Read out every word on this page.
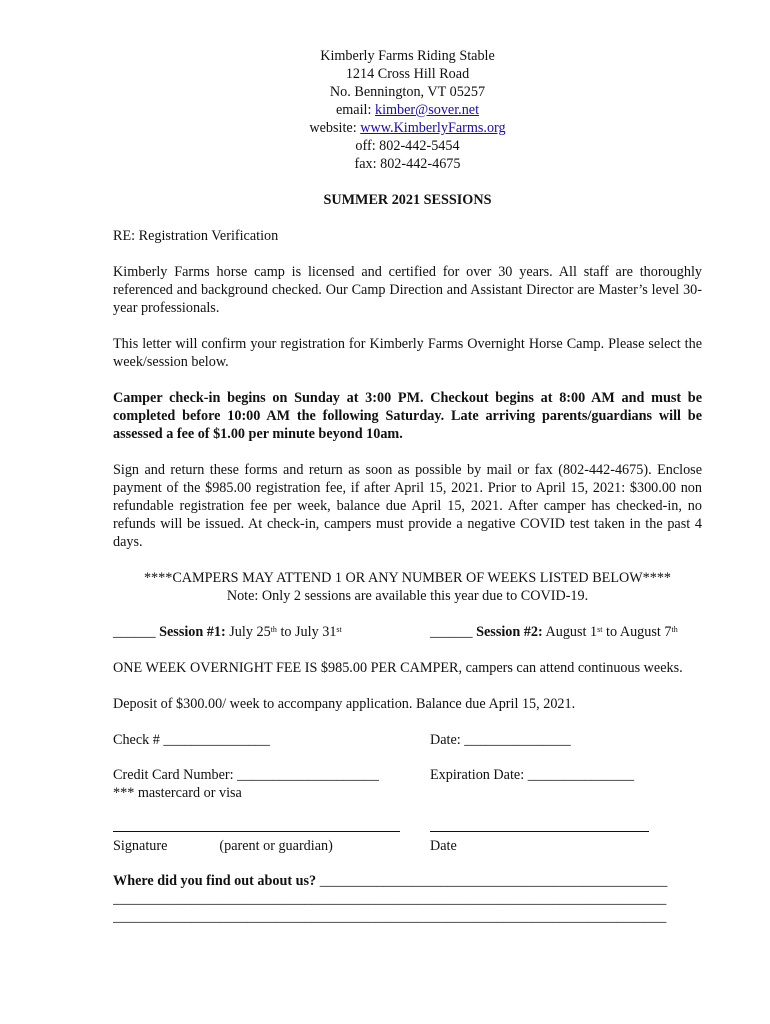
Kimberly Farms Riding Stable
1214 Cross Hill Road
No. Bennington, VT 05257
email: kimber@sover.net
website: www.KimberlyFarms.org
off: 802-442-5454
fax: 802-442-4675
SUMMER 2021 SESSIONS

RE: Registration Verification

Kimberly Farms horse camp is licensed and certified for over 30 years. All staff are thoroughly referenced and background checked. Our Camp Direction and Assistant Director are Master’s level 30-year professionals.

This letter will confirm your registration for Kimberly Farms Overnight Horse Camp. Please select the week/session below.

Camper check-in begins on Sunday at 3:00 PM. Checkout begins at 8:00 AM and must be completed before 10:00 AM the following Saturday. Late arriving parents/guardians will be assessed a fee of $1.00 per minute beyond 10am.

Sign and return these forms and return as soon as possible by mail or fax (802-442-4675). Enclose payment of the $985.00 registration fee, if after April 15, 2021. Prior to April 15, 2021: $300.00 non refundable registration fee per week, balance due April 15, 2021. After camper has checked-in, no refunds will be issued. At check-in, campers must provide a negative COVID test taken in the past 4 days.

****CAMPERS MAY ATTEND 1 OR ANY NUMBER OF WEEKS LISTED BELOW****
Note: Only 2 sessions are available this year due to COVID-19.
______ Session #1: July 25th to July 31st	______ Session #2: August 1st to August 7th

ONE WEEK OVERNIGHT FEE IS $985.00 PER CAMPER, campers can attend continuous weeks.

Deposit of $300.00/ week to accompany application. Balance due April 15, 2021.

Check # _______________	Date: _______________
Credit Card Number: ____________________	Expiration Date: _______________
*** mastercard or visa
Signature	(parent or guardian)	Date
Where did you find out about us? _________________________________________________
______________________________________________________________________________
______________________________________________________________________________
